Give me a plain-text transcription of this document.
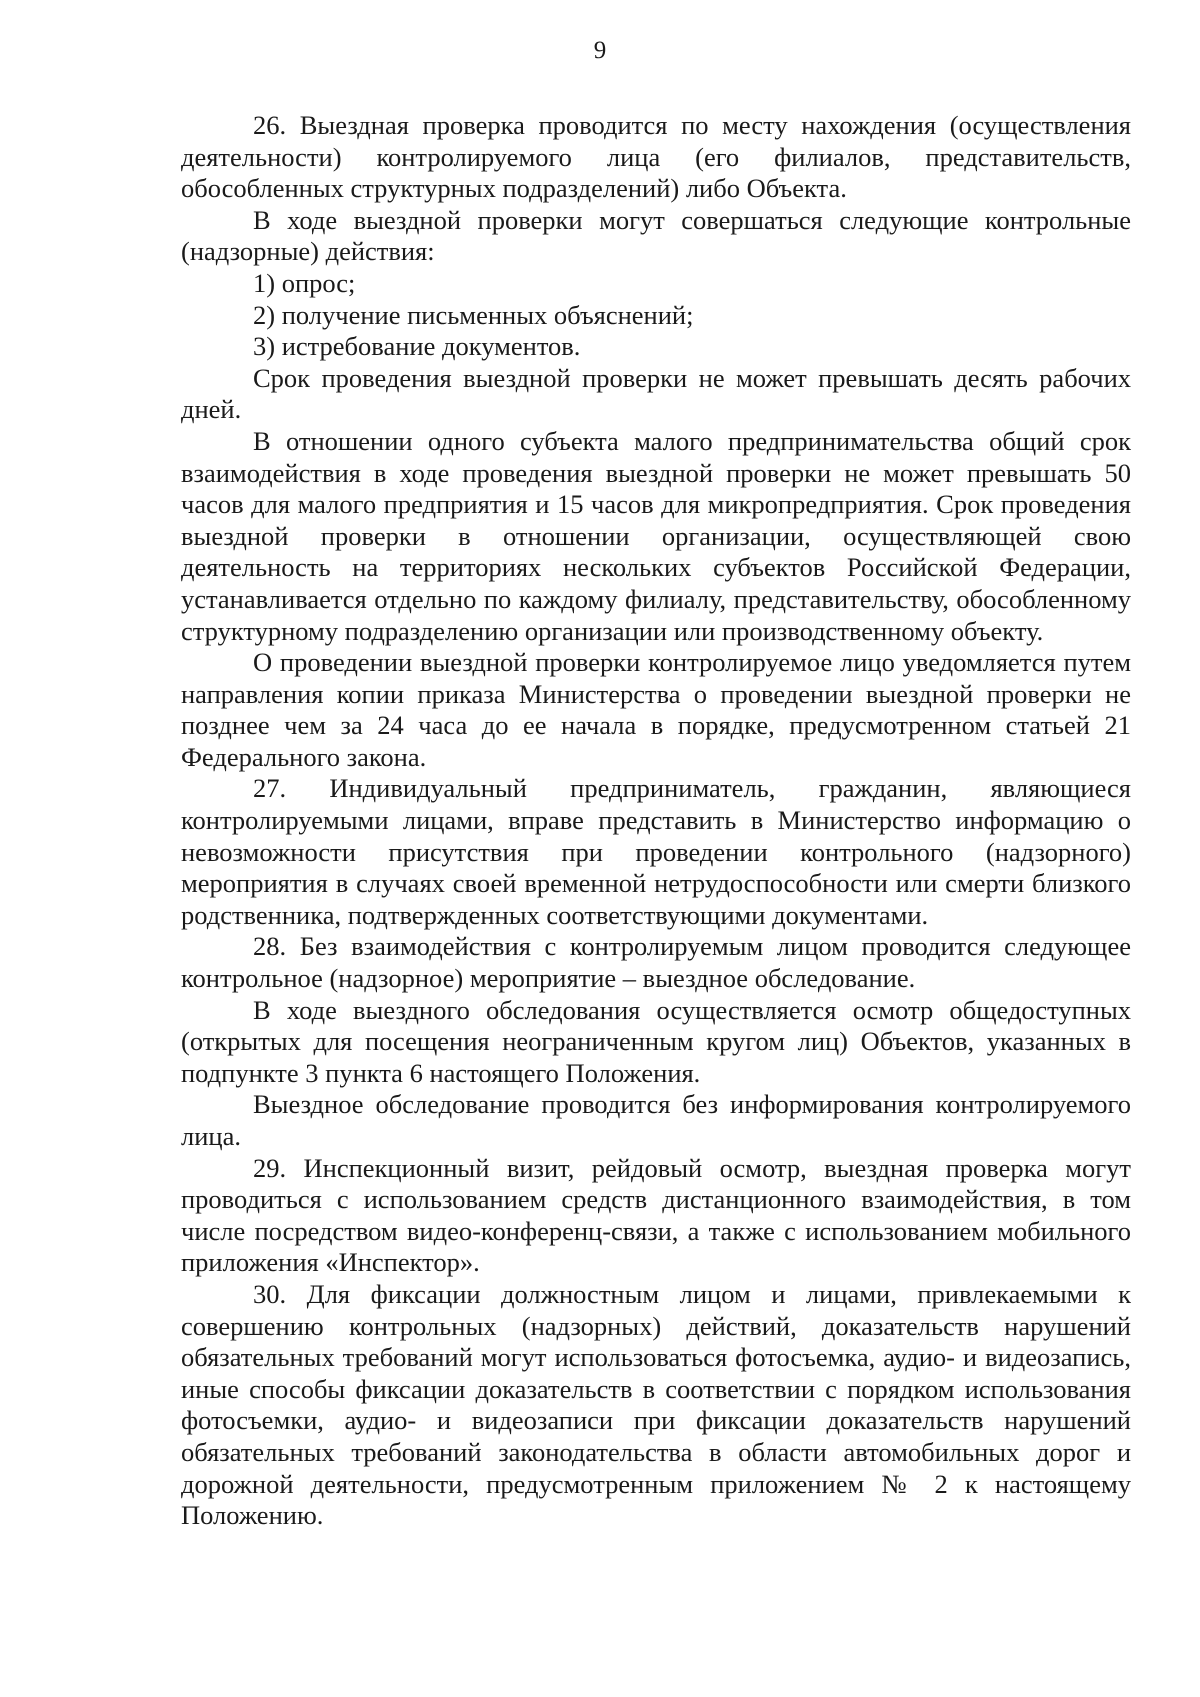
9

26. Выездная проверка проводится по месту нахождения (осуществления деятельности) контролируемого лица (его филиалов, представительств, обособленных структурных подразделений) либо Объекта.

В ходе выездной проверки могут совершаться следующие контрольные (надзорные) действия:

1) опрос;

2) получение письменных объяснений;

3) истребование документов.

Срок проведения выездной проверки не может превышать десять рабочих дней.

В отношении одного субъекта малого предпринимательства общий срок взаимодействия в ходе проведения выездной проверки не может превышать 50 часов для малого предприятия и 15 часов для микропредприятия. Срок проведения выездной проверки в отношении организации, осуществляющей свою деятельность на территориях нескольких субъектов Российской Федерации, устанавливается отдельно по каждому филиалу, представительству, обособленному структурному подразделению организации или производственному объекту.

О проведении выездной проверки контролируемое лицо уведомляется путем направления копии приказа Министерства о проведении выездной проверки не позднее чем за 24 часа до ее начала в порядке, предусмотренном статьей 21 Федерального закона.

27. Индивидуальный предприниматель, гражданин, являющиеся контролируемыми лицами, вправе представить в Министерство информацию о невозможности присутствия при проведении контрольного (надзорного) мероприятия в случаях своей временной нетрудоспособности или смерти близкого родственника, подтвержденных соответствующими документами.

28. Без взаимодействия с контролируемым лицом проводится следующее контрольное (надзорное) мероприятие – выездное обследование.

В ходе выездного обследования осуществляется осмотр общедоступных (открытых для посещения неограниченным кругом лиц) Объектов, указанных в подпункте 3 пункта 6 настоящего Положения.

Выездное обследование проводится без информирования контролируемого лица.

29. Инспекционный визит, рейдовый осмотр, выездная проверка могут проводиться с использованием средств дистанционного взаимодействия, в том числе посредством видео-конференц-связи, а также с использованием мобильного приложения «Инспектор».

30. Для фиксации должностным лицом и лицами, привлекаемыми к совершению контрольных (надзорных) действий, доказательств нарушений обязательных требований могут использоваться фотосъемка, аудио- и видеозапись, иные способы фиксации доказательств в соответствии с порядком использования фотосъемки, аудио- и видеозаписи при фиксации доказательств нарушений обязательных требований законодательства в области автомобильных дорог и дорожной деятельности, предусмотренным приложением № 2 к настоящему Положению.
